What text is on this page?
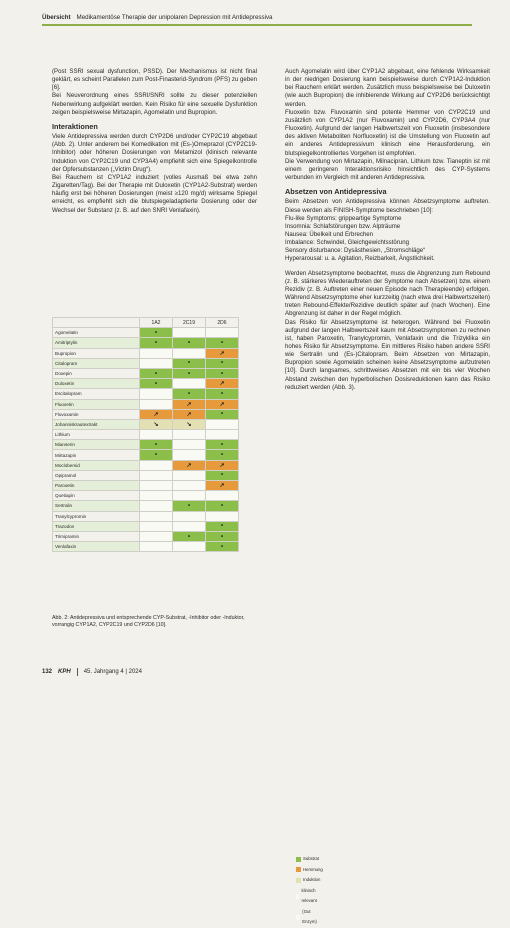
Übersicht Medikamentöse Therapie der unipolaren Depression mit Antidepressiva

(Post SSRI sexual dysfunction, PSSD). Der Mechanismus ist nicht final geklärt, es scheint Parallelen zum Post-Finasterid-Syndrom (PFS) zu geben [6].

Bei Neuverordnung eines SSRI/SNRI sollte zu dieser potenziellen Nebenwirkung aufgeklärt werden. Kein Risiko für eine sexuelle Dysfunktion zeigen beispielsweise Mirtazapin, Agomelatin und Bupropion.

Interaktionen

Viele Antidepressiva werden durch CYP2D6 und/oder CYP2C19 abgebaut (Abb. 2). Unter anderem bei Komedikation mit (Es-)Omeprazol (CYP2C19-Inhibitor) oder höheren Dosierungen von Metamizol (klinisch relevante Induktion von CYP2C19 und CYP3A4) empfiehlt sich eine Spiegelkontrolle der Opfersubstanzen („Victim Drug“).

Bei Rauchern ist CYP1A2 induziert (volles Ausmaß bei etwa zehn Zigaretten/Tag). Bei der Therapie mit Duloxetin (CYP1A2-Substrat) werden häufig erst bei höheren Dosierungen (meist ≥120 mg/d) wirksame Spiegel erreicht, es empfiehlt sich die blutspiegeladaptierte Dosierung oder der Wechsel der Substanz (z. B. auf den SNRI Venlafaxin).

Auch Agomelatin wird über CYP1A2 abgebaut, eine fehlende Wirksamkeit in der niedrigen Dosierung kann beispielsweise durch CYP1A2-Induktion bei Rauchern erklärt werden. Zusätzlich muss beispielsweise bei Duloxetin (wie auch Bupropion) die inhibierende Wirkung auf CYP2D6 berücksichtigt werden.

Fluoxetin bzw. Fluvoxamin sind potente Hemmer von CYP2C19 und zusätzlich von CYP1A2 (nur Fluvoxamin) und CYP2D6, CYP3A4 (nur Fluoxetin). Aufgrund der langen Halbwertszeit von Fluoxetin (insbesondere des aktiven Metaboliten Norfluoxetin) ist die Umstellung von Fluoxetin auf ein anderes Antidepressivum klinisch eine Herausforderung, ein blutspiegelkontrolliertes Vorgehen ist empfohlen.

Die Verwendung von Mirtazapin, Milnacipran, Lithium bzw. Tianeptin ist mit einem geringeren Interaktionsrisiko hinsichtlich des CYP-Systems verbunden im Vergleich mit anderen Antidepressiva.

Absetzen von Antidepressiva

Beim Absetzen von Antidepressiva können Absetzsymptome auftreten. Diese werden als FINISH-Symptome beschrieben [10]:

Flu-like Symptoms: grippeartige Symptome

Insomnia: Schlafstörungen bzw. Alpträume

Nausea: Übelkeit und Erbrechen

Imbalance: Schwindel, Gleichgewichtsstörung

Sensory disturbance: Dysästhesien, „Stromschläge“

Hyperarousal: u. a. Agitation, Reizbarkeit, Ängstlichkeit.

Werden Absetzsymptome beobachtet, muss die Abgrenzung zum Rebound (z. B. stärkeres Wiederauftreten der Symptome nach Absetzen) bzw. einem Rezidiv (z. B. Auftreten einer neuen Episode nach Therapieende) erfolgen. Während Absetzsymptome eher kurzzeitig (nach etwa drei Halbwertszeiten) treten Rebound-Effekte/Rezidive deutlich später auf (nach Wochen). Eine Abgrenzung ist daher in der Regel möglich.

Das Risiko für Absetzsymptome ist heterogen. Während bei Fluoxetin aufgrund der langen Halbwertszeit kaum mit Absetzsymptomen zu rechnen ist, haben Paroxetin, Tranylcypromin, Venlafaxin und die Trizyklika ein hohes Risiko für Absetzsymptome. Ein mittleres Risiko haben andere SSRI wie Sertralin und (Es-)Citalopram. Beim Absetzen von Mirtazapin, Bupropion sowie Agomelatin scheinen keine Absetzsymptome aufzutreten [10]. Durch langsames, schrittweises Absetzen mit ein bis vier Wochen Abstand zwischen den hyperbolischen Dosisreduktionen kann das Risiko reduziert werden (Abb. 3).

	1A2	2C19	2D6
Agomelatin	•		
Amitriptylin	•	•	•
Bupropion			↗
Citalopram		•	•
Doxepin	•	•	•
Duloxetin	•		↗
Escitalopram		•	•
Fluoxetin		↗	↗
Fluvoxamin	↗	↗	•
Johanniskrautextrakt	↘	↘	
Lithium			
Mianserin	•		•
Mirtazapin	•		•
Moclobemid		↗	↗
Opipramol			•
Paroxetin			↗
Quetiapin			
Sertralin		•	•
Tranylcypromin			
Trazodon			•
Trimipramin		•	•
Venlafaxin			•
Substrat
Hemmung
Induktion
klinisch relevant
(Gut Enzym)
Abb. 2: Antidepressiva und entsprechende CYP-Substrat, -Inhibitor oder -Induktor, vorrangig CYP1A2, CYP2C19 und CYP2D6 [10].
132 KPH 45. Jahrgang 4 | 2024
